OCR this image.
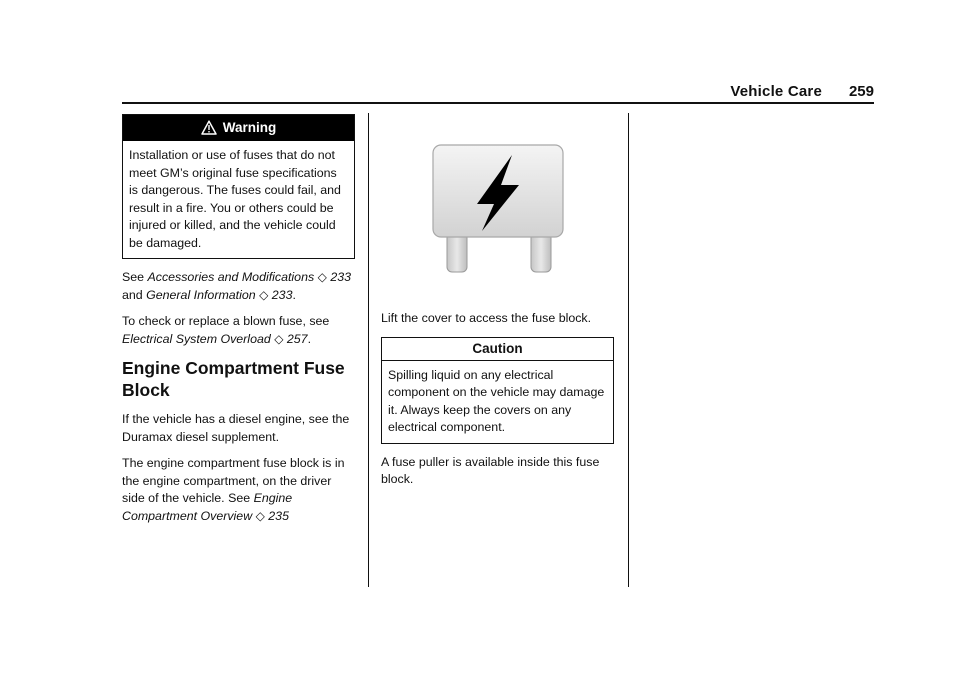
Vehicle Care 259
Warning
Installation or use of fuses that do not meet GM’s original fuse specifications is dangerous. The fuses could fail, and result in a fire. You or others could be injured or killed, and the vehicle could be damaged.

See Accessories and Modifications ◇ 233 and General Information ◇ 233.

To check or replace a blown fuse, see Electrical System Overload ◇ 257.

Engine Compartment Fuse Block

If the vehicle has a diesel engine, see the Duramax diesel supplement.

The engine compartment fuse block is in the engine compartment, on the driver side of the vehicle. See Engine Compartment Overview ◇ 235

Lift the cover to access the fuse block.

Caution
Spilling liquid on any electrical component on the vehicle may damage it. Always keep the covers on any electrical component.

A fuse puller is available inside this fuse block.
